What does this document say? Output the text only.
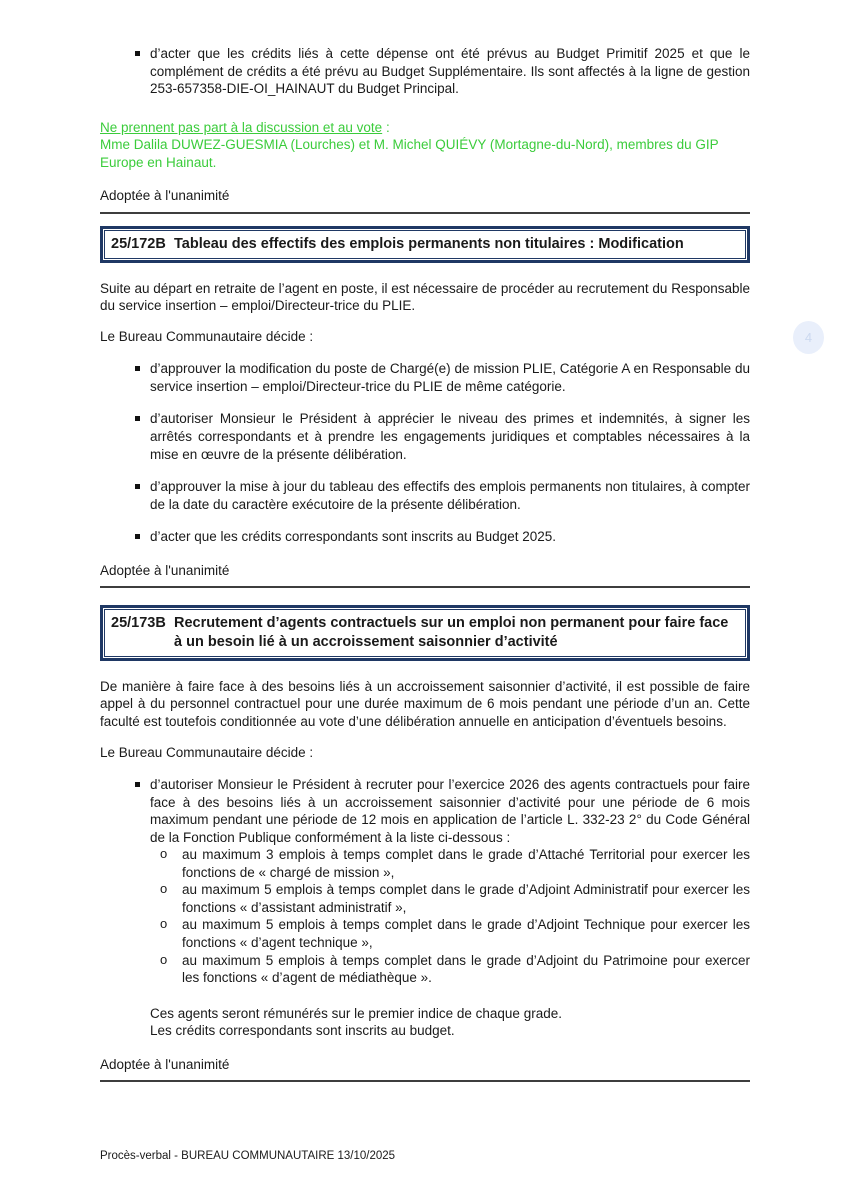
d’acter que les crédits liés à cette dépense ont été prévus au Budget Primitif 2025 et que le complément de crédits a été prévu au Budget Supplémentaire. Ils sont affectés à la ligne de gestion 253-657358-DIE-OI_HAINAUT du Budget Principal.
Ne prennent pas part à la discussion et au vote :
Mme Dalila DUWEZ-GUESMIA (Lourches) et M. Michel QUIÉVY (Mortagne-du-Nord), membres du GIP Europe en Hainaut.
Adoptée à l'unanimité
25/172B Tableau des effectifs des emplois permanents non titulaires : Modification
Suite au départ en retraite de l’agent en poste, il est nécessaire de procéder au recrutement du Responsable du service insertion – emploi/Directeur-trice du PLIE.
Le Bureau Communautaire décide :
d’approuver la modification du poste de Chargé(e) de mission PLIE, Catégorie A en Responsable du service insertion – emploi/Directeur-trice du PLIE de même catégorie.
d’autoriser Monsieur le Président à apprécier le niveau des primes et indemnités, à signer les arrêtés correspondants et à prendre les engagements juridiques et comptables nécessaires à la mise en œuvre de la présente délibération.
d’approuver la mise à jour du tableau des effectifs des emplois permanents non titulaires, à compter de la date du caractère exécutoire de la présente délibération.
d’acter que les crédits correspondants sont inscrits au Budget 2025.
Adoptée à l'unanimité
25/173B Recrutement d’agents contractuels sur un emploi non permanent pour faire face à un besoin lié à un accroissement saisonnier d’activité
De manière à faire face à des besoins liés à un accroissement saisonnier d’activité, il est possible de faire appel à du personnel contractuel pour une durée maximum de 6 mois pendant une période d’un an. Cette faculté est toutefois conditionnée au vote d’une délibération annuelle en anticipation d’éventuels besoins.
Le Bureau Communautaire décide :
d’autoriser Monsieur le Président à recruter pour l’exercice 2026 des agents contractuels pour faire face à des besoins liés à un accroissement saisonnier d’activité pour une période de 6 mois maximum pendant une période de 12 mois en application de l’article L. 332-23 2° du Code Général de la Fonction Publique conformément à la liste ci-dessous :
o	au maximum 3 emplois à temps complet dans le grade d’Attaché Territorial pour exercer les fonctions de « chargé de mission »,
o	au maximum 5 emplois à temps complet dans le grade d’Adjoint Administratif pour exercer les fonctions « d’assistant administratif »,
o	au maximum 5 emplois à temps complet dans le grade d’Adjoint Technique pour exercer les fonctions « d’agent technique »,
o	au maximum 5 emplois à temps complet dans le grade d’Adjoint du Patrimoine pour exercer les fonctions « d’agent de médiathèque ».
Ces agents seront rémunérés sur le premier indice de chaque grade.
Les crédits correspondants sont inscrits au budget.
Adoptée à l'unanimité
4
Procès-verbal - BUREAU COMMUNAUTAIRE 13/10/2025
